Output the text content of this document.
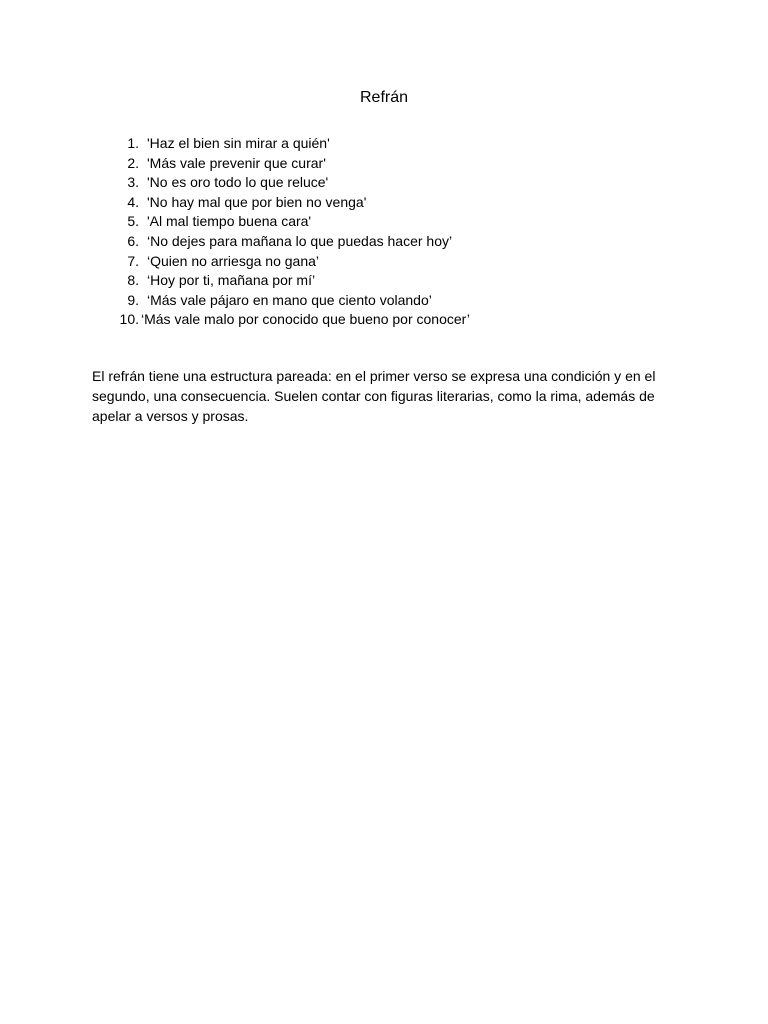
Refrán
1. 'Haz el bien sin mirar a quién'
2. 'Más vale prevenir que curar'
3. 'No es oro todo lo que reluce'
4. 'No hay mal que por bien no venga'
5. 'Al mal tiempo buena cara'
6. ‘No dejes para mañana lo que puedas hacer hoy’
7. ‘Quien no arriesga no gana’
8. ‘Hoy por ti, mañana por mí’
9. ‘Más vale pájaro en mano que ciento volando’
10. ‘Más vale malo por conocido que bueno por conocer’

El refrán tiene una estructura pareada: en el primer verso se expresa una condición y en el segundo, una consecuencia. Suelen contar con figuras literarias, como la rima, además de apelar a versos y prosas.
